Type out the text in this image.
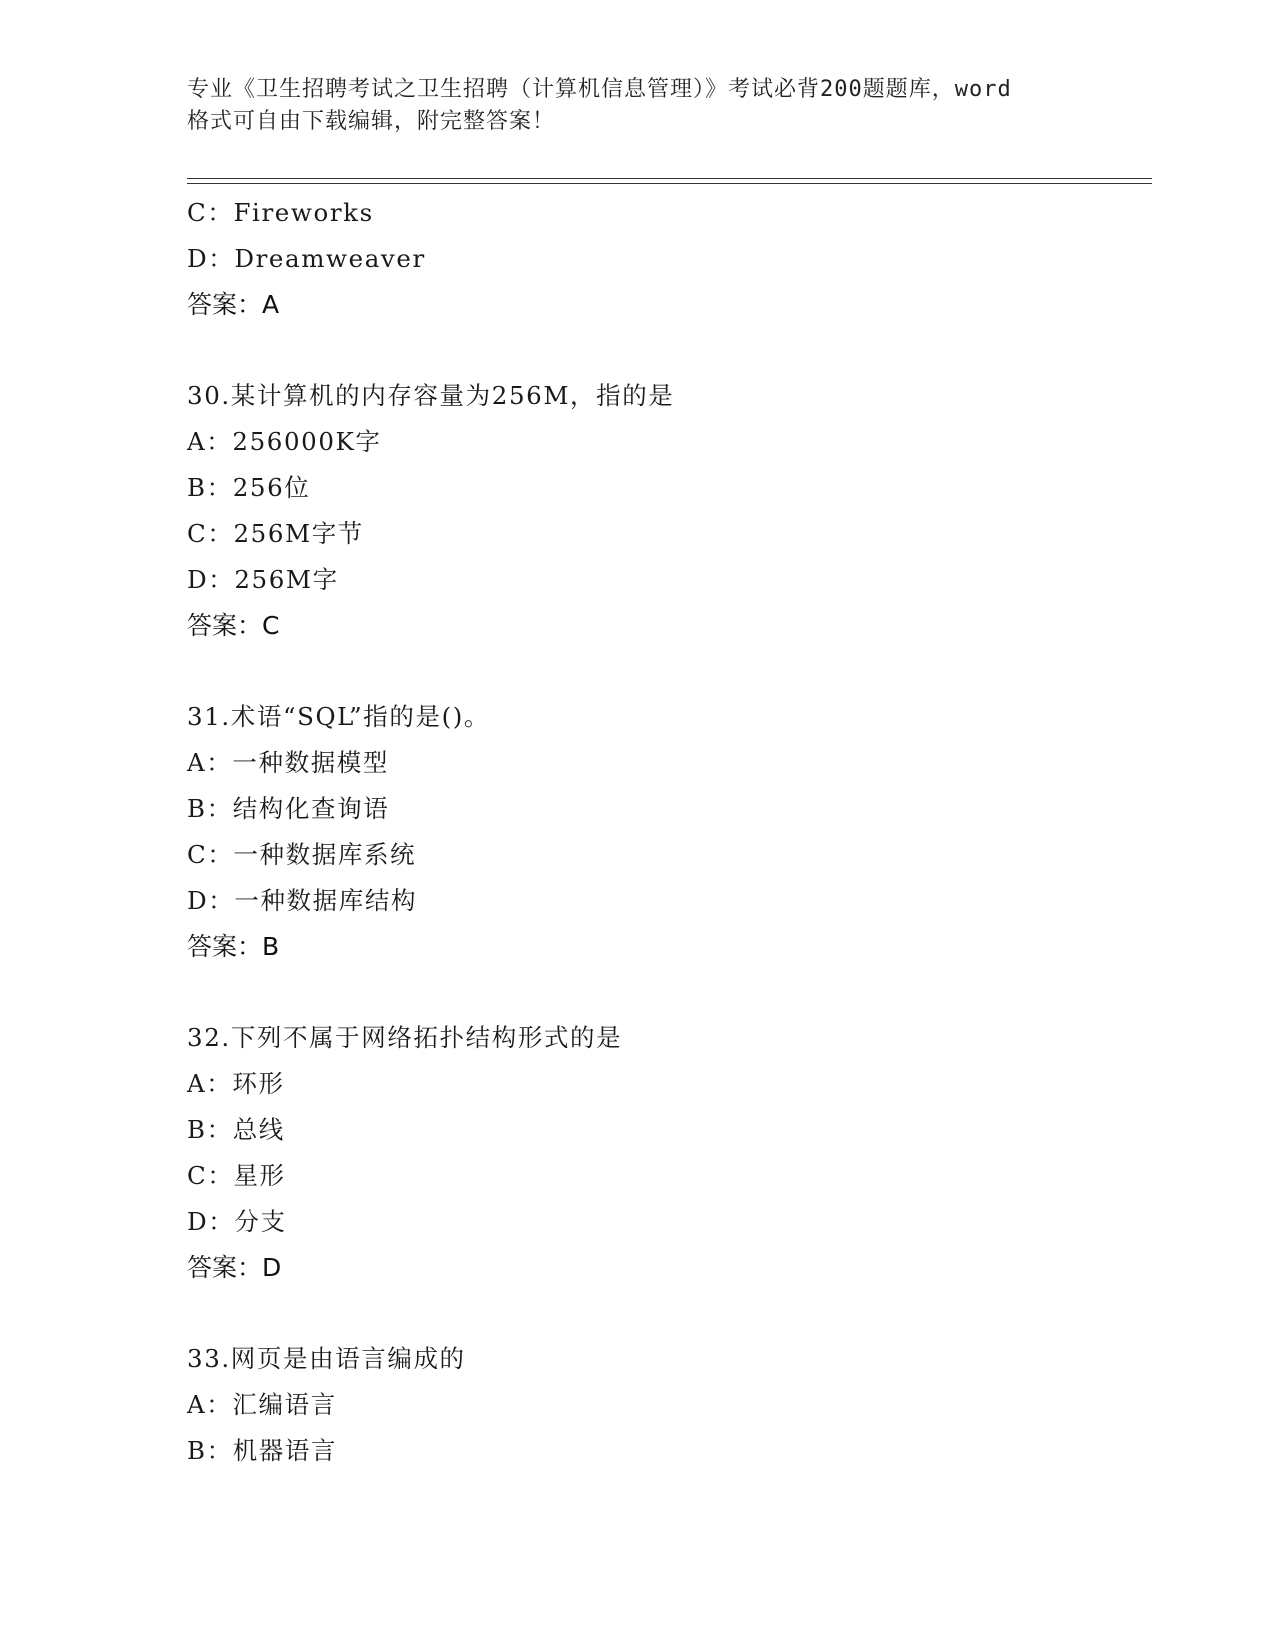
专业《卫生招聘考试之卫生招聘（计算机信息管理）》考试必背200题题库，word
格式可自由下载编辑，附完整答案！
C：Fireworks
D：Dreamweaver
答案：A
30.某计算机的内存容量为256M，指的是
A：256000K字
B：256位
C：256M字节
D：256M字
答案：C
31.术语“SQL”指的是()。
A：一种数据模型
B：结构化查询语
C：一种数据库系统
D：一种数据库结构
答案：B
32.下列不属于网络拓扑结构形式的是
A：环形
B：总线
C：星形
D：分支
答案：D
33.网页是由语言编成的
A：汇编语言
B：机器语言
